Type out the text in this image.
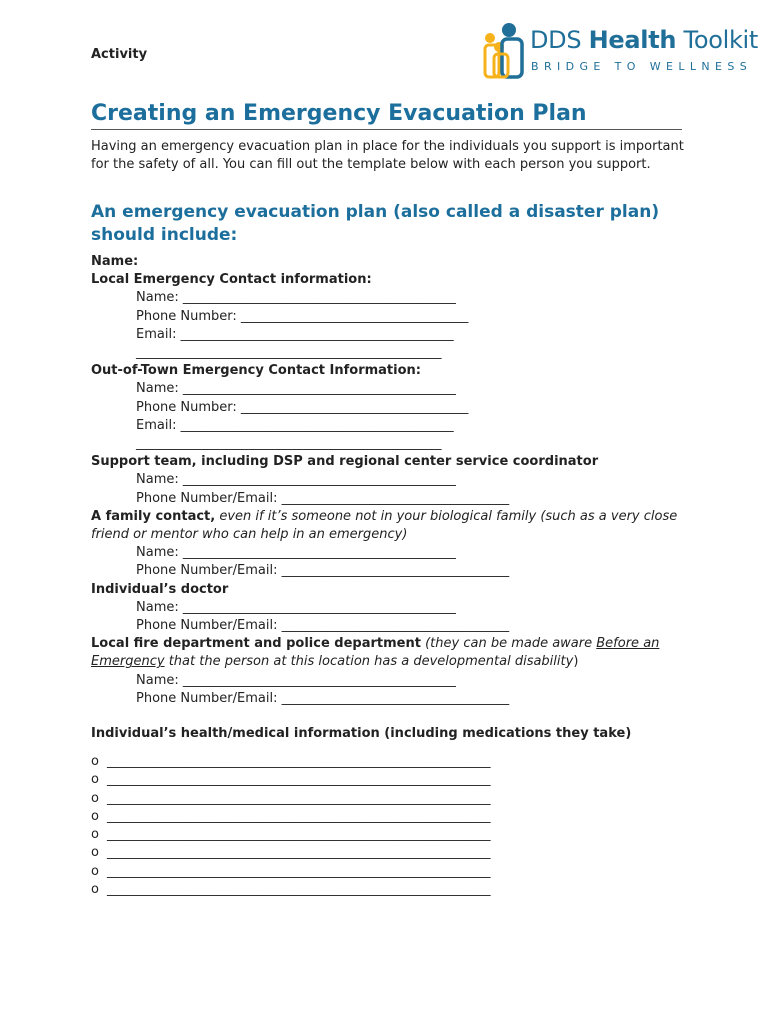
Activity
DDS Health Toolkit
BRIDGE TO WELLNESS
Creating an Emergency Evacuation Plan
Having an emergency evacuation plan in place for the individuals you support is important for the safety of all. You can fill out the template below with each person you support.
An emergency evacuation plan (also called a disaster plan) should include:
Name:
Local Emergency Contact information:
Name: __________________________________________
Phone Number: ___________________________________
Email: __________________________________________
_______________________________________________
Out-of-Town Emergency Contact Information:
Name: __________________________________________
Phone Number: ___________________________________
Email: __________________________________________
_______________________________________________
Support team, including DSP and regional center service coordinator
Name: __________________________________________
Phone Number/Email: ___________________________________
A family contact, even if it’s someone not in your biological family (such as a very close friend or mentor who can help in an emergency)
Name: __________________________________________
Phone Number/Email: ___________________________________
Individual’s doctor
Name: __________________________________________
Phone Number/Email: ___________________________________
Local fire department and police department (they can be made aware Before an Emergency that the person at this location has a developmental disability)
Name: __________________________________________
Phone Number/Email: ___________________________________
Individual’s health/medical information (including medications they take)
o ___________________________________________________________
o ___________________________________________________________
o ___________________________________________________________
o ___________________________________________________________
o ___________________________________________________________
o ___________________________________________________________
o ___________________________________________________________
o ___________________________________________________________
